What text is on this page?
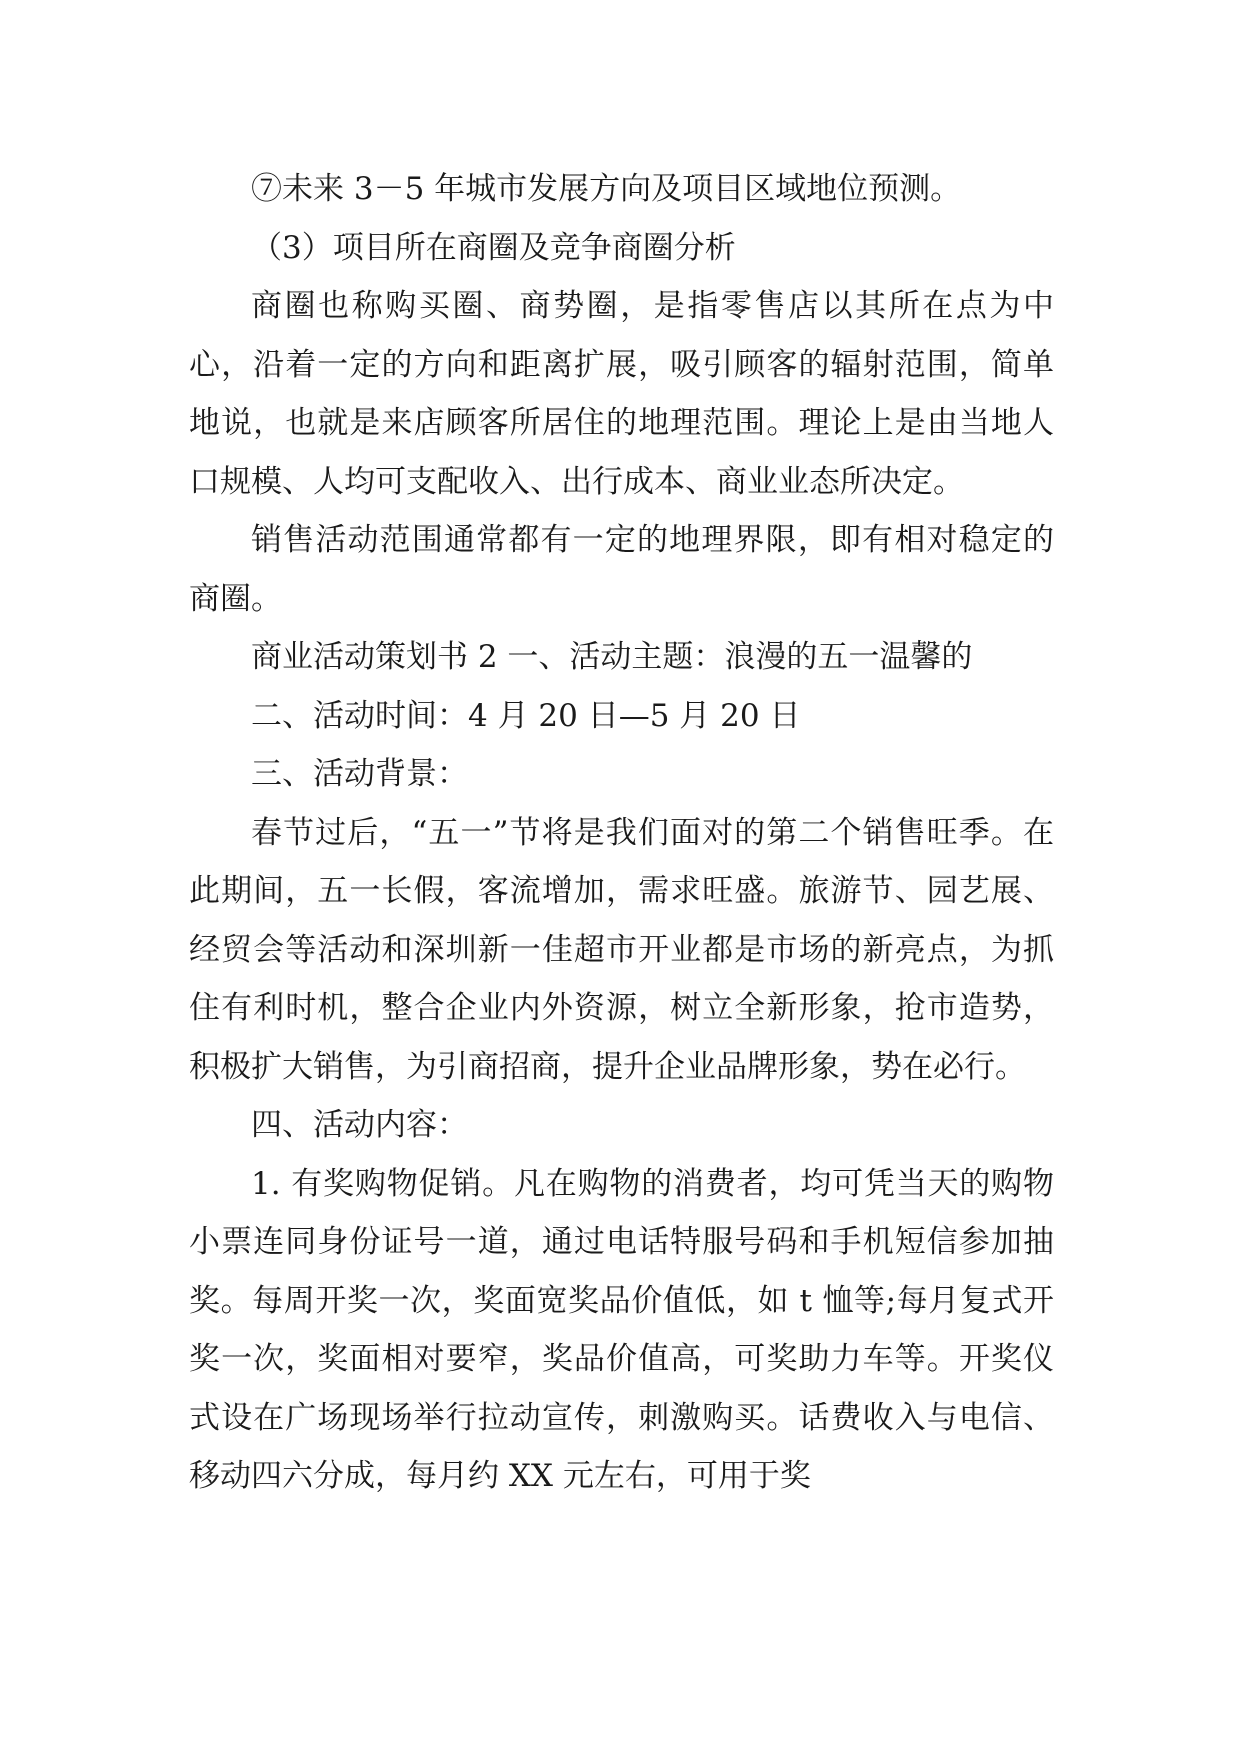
⑦未来 3－5 年城市发展方向及项目区域地位预测。

（3）项目所在商圈及竞争商圈分析

商圈也称购买圈、商势圈，是指零售店以其所在点为中心，沿着一定的方向和距离扩展，吸引顾客的辐射范围，简单地说，也就是来店顾客所居住的地理范围。理论上是由当地人口规模、人均可支配收入、出行成本、商业业态所决定。

销售活动范围通常都有一定的地理界限，即有相对稳定的商圈。

商业活动策划书 2 一、活动主题：浪漫的五一温馨的

二、活动时间：4 月 20 日—5 月 20 日

三、活动背景：

春节过后，“五一”节将是我们面对的第二个销售旺季。在此期间，五一长假，客流增加，需求旺盛。旅游节、园艺展、经贸会等活动和深圳新一佳超市开业都是市场的新亮点，为抓住有利时机，整合企业内外资源，树立全新形象，抢市造势，积极扩大销售，为引商招商，提升企业品牌形象，势在必行。

四、活动内容：

1. 有奖购物促销。凡在购物的消费者，均可凭当天的购物小票连同身份证号一道，通过电话特服号码和手机短信参加抽奖。每周开奖一次，奖面宽奖品价值低，如 t 恤等;每月复式开奖一次，奖面相对要窄，奖品价值高，可奖助力车等。开奖仪式设在广场现场举行拉动宣传，刺激购买。话费收入与电信、移动四六分成，每月约 XX 元左右，可用于奖
